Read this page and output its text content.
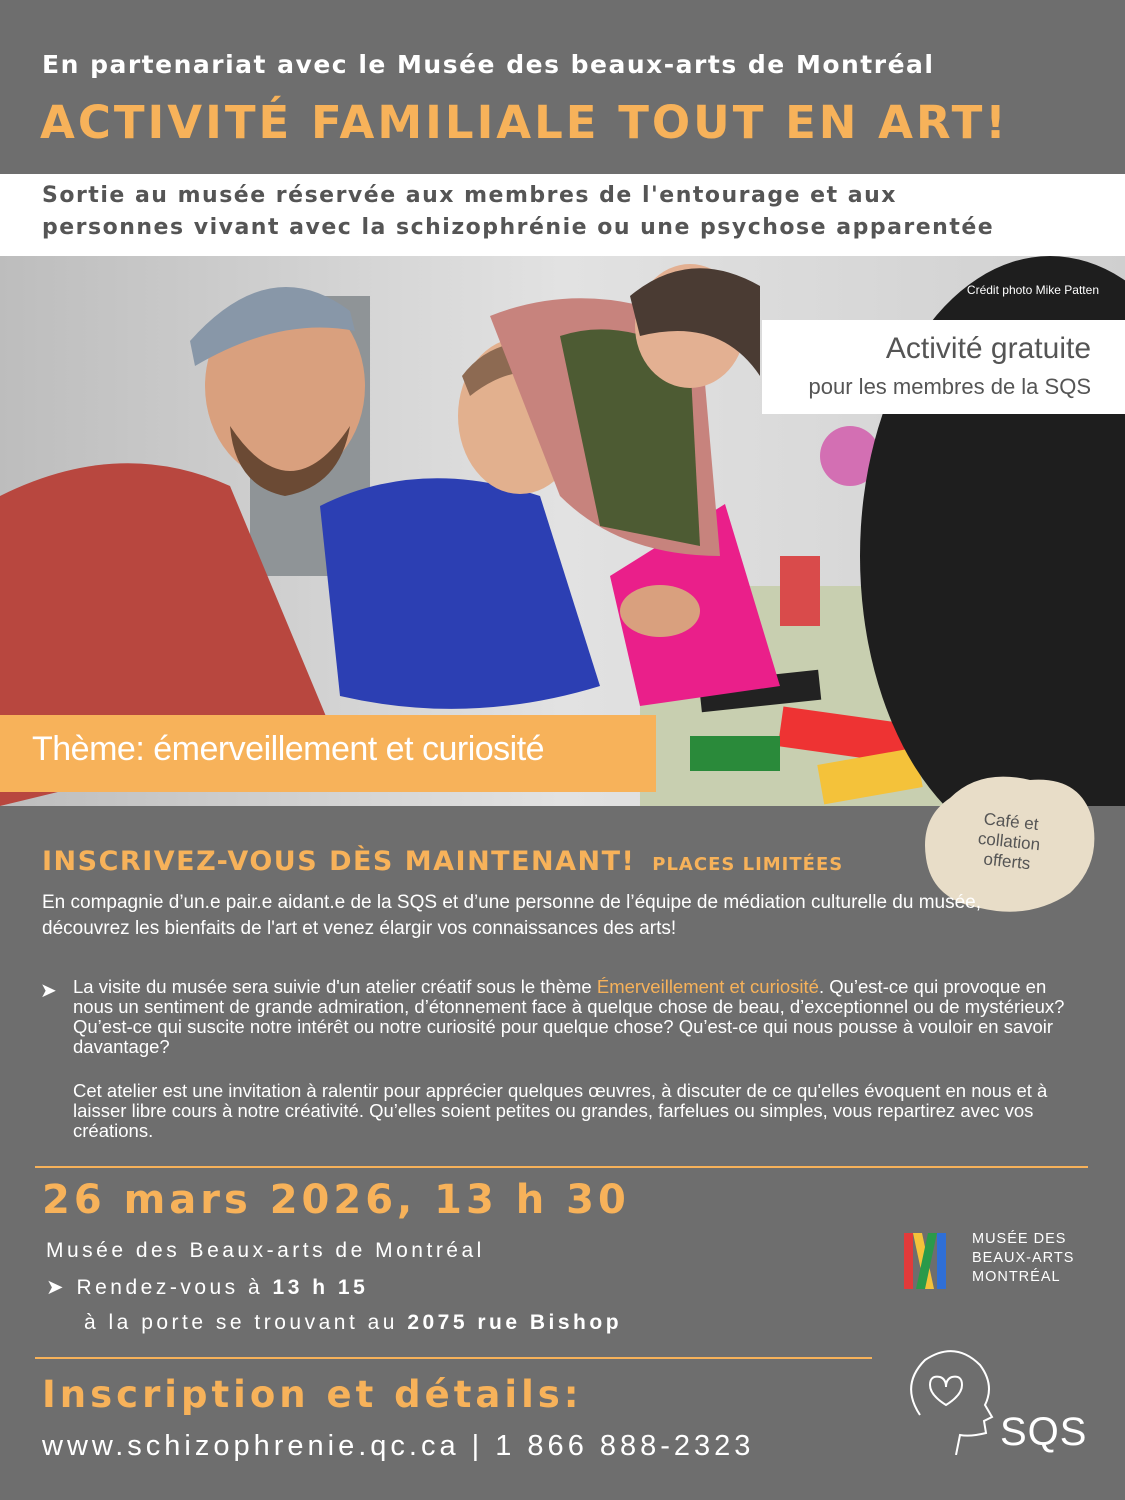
En partenariat avec le Musée des beaux-arts de Montréal
ACTIVITÉ FAMILIALE TOUT EN ART!
Sortie au musée réservée aux membres de l'entourage et aux
personnes vivant avec la schizophrénie ou une psychose apparentée
Crédit photo Mike Patten
Activité gratuite
pour les membres de la SQS
Thème: émerveillement et curiosité
Café et
collation
offerts
INSCRIVEZ-VOUS DÈS MAINTENANT! PLACES LIMITÉES
En compagnie d’un.e pair.e aidant.e de la SQS et d’une personne de l’équipe de médiation culturelle du musée, découvrez les bienfaits de l'art et venez élargir vos connaissances des arts!
➤ La visite du musée sera suivie d'un atelier créatif sous le thème Émerveillement et curiosité. Qu’est-ce qui provoque en nous un sentiment de grande admiration, d’étonnement face à quelque chose de beau, d’exceptionnel ou de mystérieux? Qu’est-ce qui suscite notre intérêt ou notre curiosité pour quelque chose? Qu’est-ce qui nous pousse à vouloir en savoir davantage?
Cet atelier est une invitation à ralentir pour apprécier quelques œuvres, à discuter de ce qu'elles évoquent en nous et à laisser libre cours à notre créativité. Qu’elles soient petites ou grandes, farfelues ou simples, vous repartirez avec vos créations.
26 mars 2026, 13 h 30
Musée des Beaux-arts de Montréal
➤ Rendez-vous à 13 h 15
à la porte se trouvant au 2075 rue Bishop
Inscription et détails:
www.schizophrenie.qc.ca | 1 866 888-2323
MUSÉE DES
BEAUX-ARTS
MONTRÉAL
SQS
